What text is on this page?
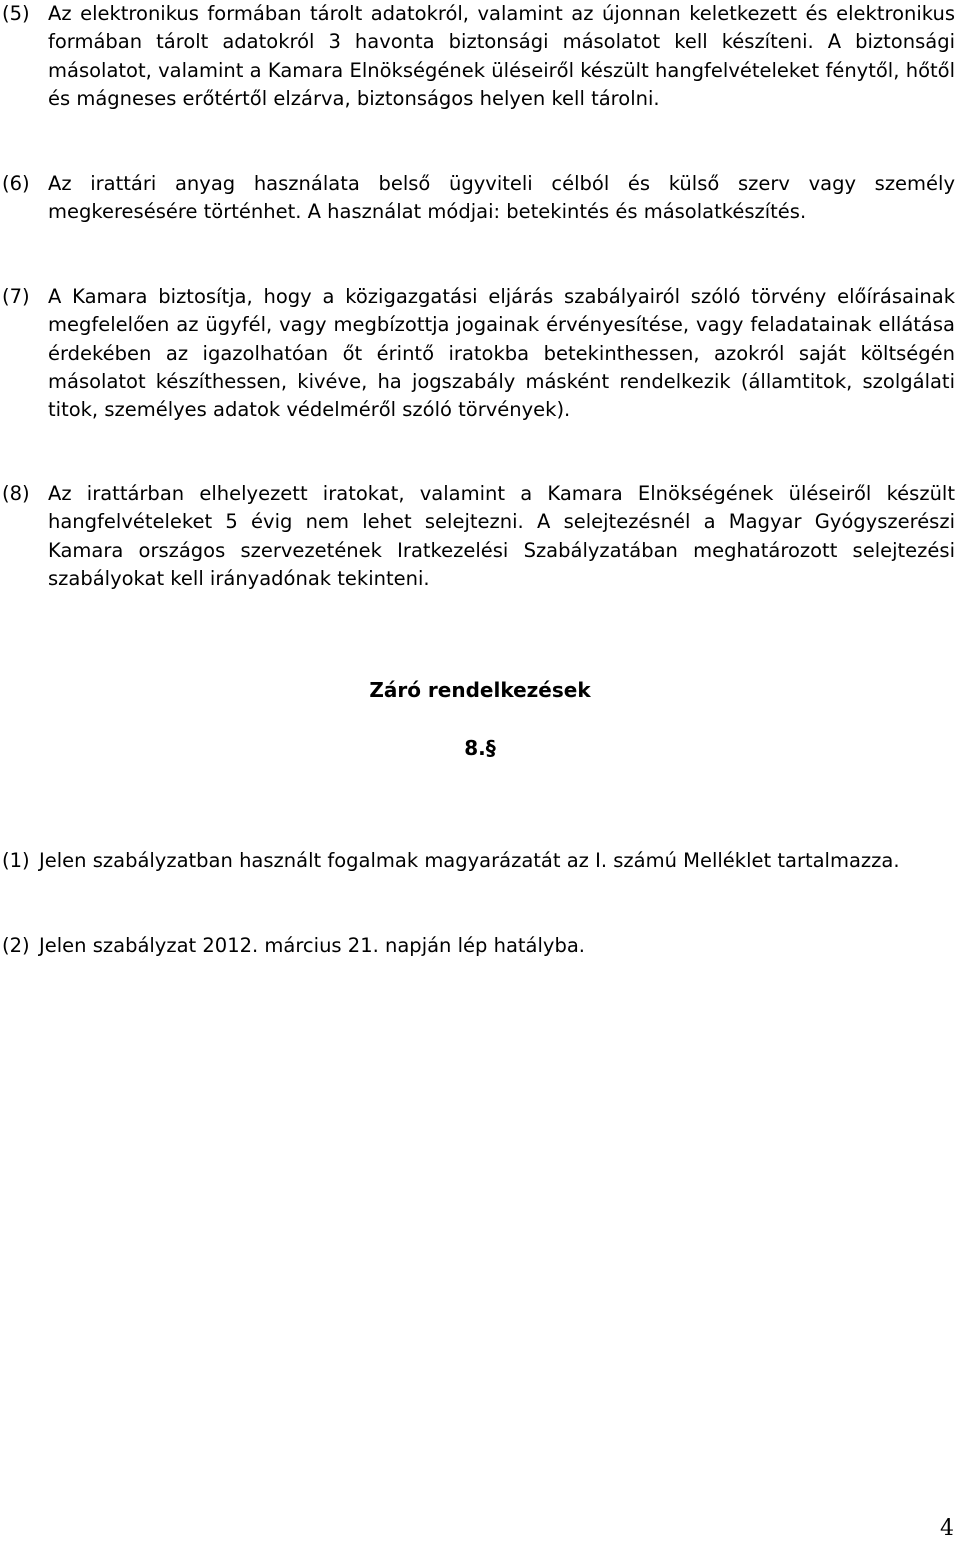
(5) Az elektronikus formában tárolt adatokról, valamint az újonnan keletkezett és elektronikus formában tárolt adatokról 3 havonta biztonsági másolatot kell készíteni. A biztonsági másolatot, valamint a Kamara Elnökségének üléseiről készült hangfelvételeket fénytől, hőtől és mágneses erőtértől elzárva, biztonságos helyen kell tárolni.
(6) Az irattári anyag használata belső ügyviteli célból és külső szerv vagy személy megkeresésére történhet. A használat módjai: betekintés és másolatkészítés.
(7) A Kamara biztosítja, hogy a közigazgatási eljárás szabályairól szóló törvény előírásainak megfelelően az ügyfél, vagy megbízottja jogainak érvényesítése, vagy feladatainak ellátása érdekében az igazolhatóan őt érintő iratokba betekinthessen, azokról saját költségén másolatot készíthessen, kivéve, ha jogszabály másként rendelkezik (államtitok, szolgálati titok, személyes adatok védelméről szóló törvények).
(8) Az irattárban elhelyezett iratokat, valamint a Kamara Elnökségének üléseiről készült hangfelvételeket 5 évig nem lehet selejtezni. A selejtezésnél a Magyar Gyógyszerészi Kamara országos szervezetének Iratkezelési Szabályzatában meghatározott selejtezési szabályokat kell irányadónak tekinteni.
Záró rendelkezések
8.§
(1) Jelen szabályzatban használt fogalmak magyarázatát az I. számú Melléklet tartalmazza.
(2) Jelen szabályzat 2012. március 21. napján lép hatályba.
4
